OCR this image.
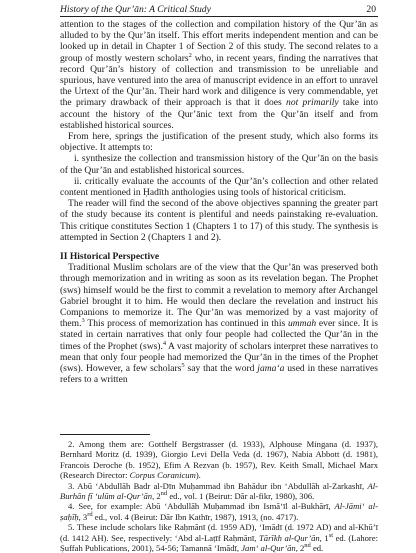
History of the Qur’ān: A Critical Study	20

attention to the stages of the collection and compilation history of the Qur’ān as alluded to by the Qur’ān itself. This effort merits independent mention and can be looked up in detail in Chapter 1 of Section 2 of this study. The second relates to a group of mostly western scholars$^2$ who, in recent years, finding the narratives that record Qur’ān’s history of collection and transmission to be unreliable and spurious, have ventured into the area of manuscript evidence in an effort to unravel the Urtext of the Qur’ān. Their hard work and diligence is very commendable, yet the primary drawback of their approach is that it does not primarily take into account the history of the Qur’ānic text from the Qur’ān itself and from established historical sources.

From here, springs the justification of the present study, which also forms its objective. It attempts to:

i. synthesize the collection and transmission history of the Qur’ān on the basis of the Qur’ān and established historical sources.

ii. critically evaluate the accounts of the Qur’ān’s collection and other related content mentioned in Ḥadīth anthologies using tools of historical criticism.

The reader will find the second of the above objectives spanning the greater part of the study because its content is plentiful and needs painstaking re-evaluation. This critique constitutes Section 1 (Chapters 1 to 17) of this study. The synthesis is attempted in Section 2 (Chapters 1 and 2).

II Historical Perspective

Traditional Muslim scholars are of the view that the Qur’ān was preserved both through memorization and in writing as soon as its revelation began. The Prophet (sws) himself would be the first to commit a revelation to memory after Archangel Gabriel brought it to him. He would then declare the revelation and instruct his Companions to memorize it. The Qur’ān was memorized by a vast majority of them.$^3$ This process of memorization has continued in this ummah ever since. It is stated in certain narratives that only four people had collected the Qur’ān in the times of the Prophet (sws).$^4$ A vast majority of scholars interpret these narratives to mean that only four people had memorized the Qur’ān in the times of the Prophet (sws). However, a few scholars$^5$ say that the word jama‘a used in these narratives refers to a written

2. Among them are: Gotthelf Bergstrasser (d. 1933), Alphouse Mingana (d. 1937), Bernhard Moritz (d. 1939), Giorgio Levi Della Veda (d. 1967), Nabia Abbott (d. 1981), Francois Deroche (b. 1952), Efim A Rezvan (b. 1957), Rev. Keith Small, Michael Marx (Research Director: Corpus Coranicum).

3. Abū ‘Abdullāh Badr al-Dīn Muḥammad ibn Bahādur ibn ‘Abdullāh al-Zarkashī, Al-Burhān fī ‘ulūm al-Qur’ān, 2nd ed., vol. 1 (Beirut: Dār al-fikr, 1980), 306.

4. See, for example: Abū ‘Abdullāh Muḥammad ibn Ismā‘īl al-Bukhārī, Al-Jāmi‘ al-ṣaḥīḥ, 3rd ed., vol. 4 (Beirut: Dār Ibn Kathīr, 1987), 1913, (no. 4717).

5. These include scholars like Raḥmānī (d. 1959 AD), ‘Imādī (d. 1972 AD) and al-Khū’ī (d. 1412 AH). See, respectively: ‘Abd al-Laṭīf Raḥmānī, Tārīkh al-Qur’ān, 1st ed. (Lahore: Ṣuffah Publications, 2001), 54-56; Tamannā ‘Imādī, Jam‘ al-Qur’ān, 2nd ed.
